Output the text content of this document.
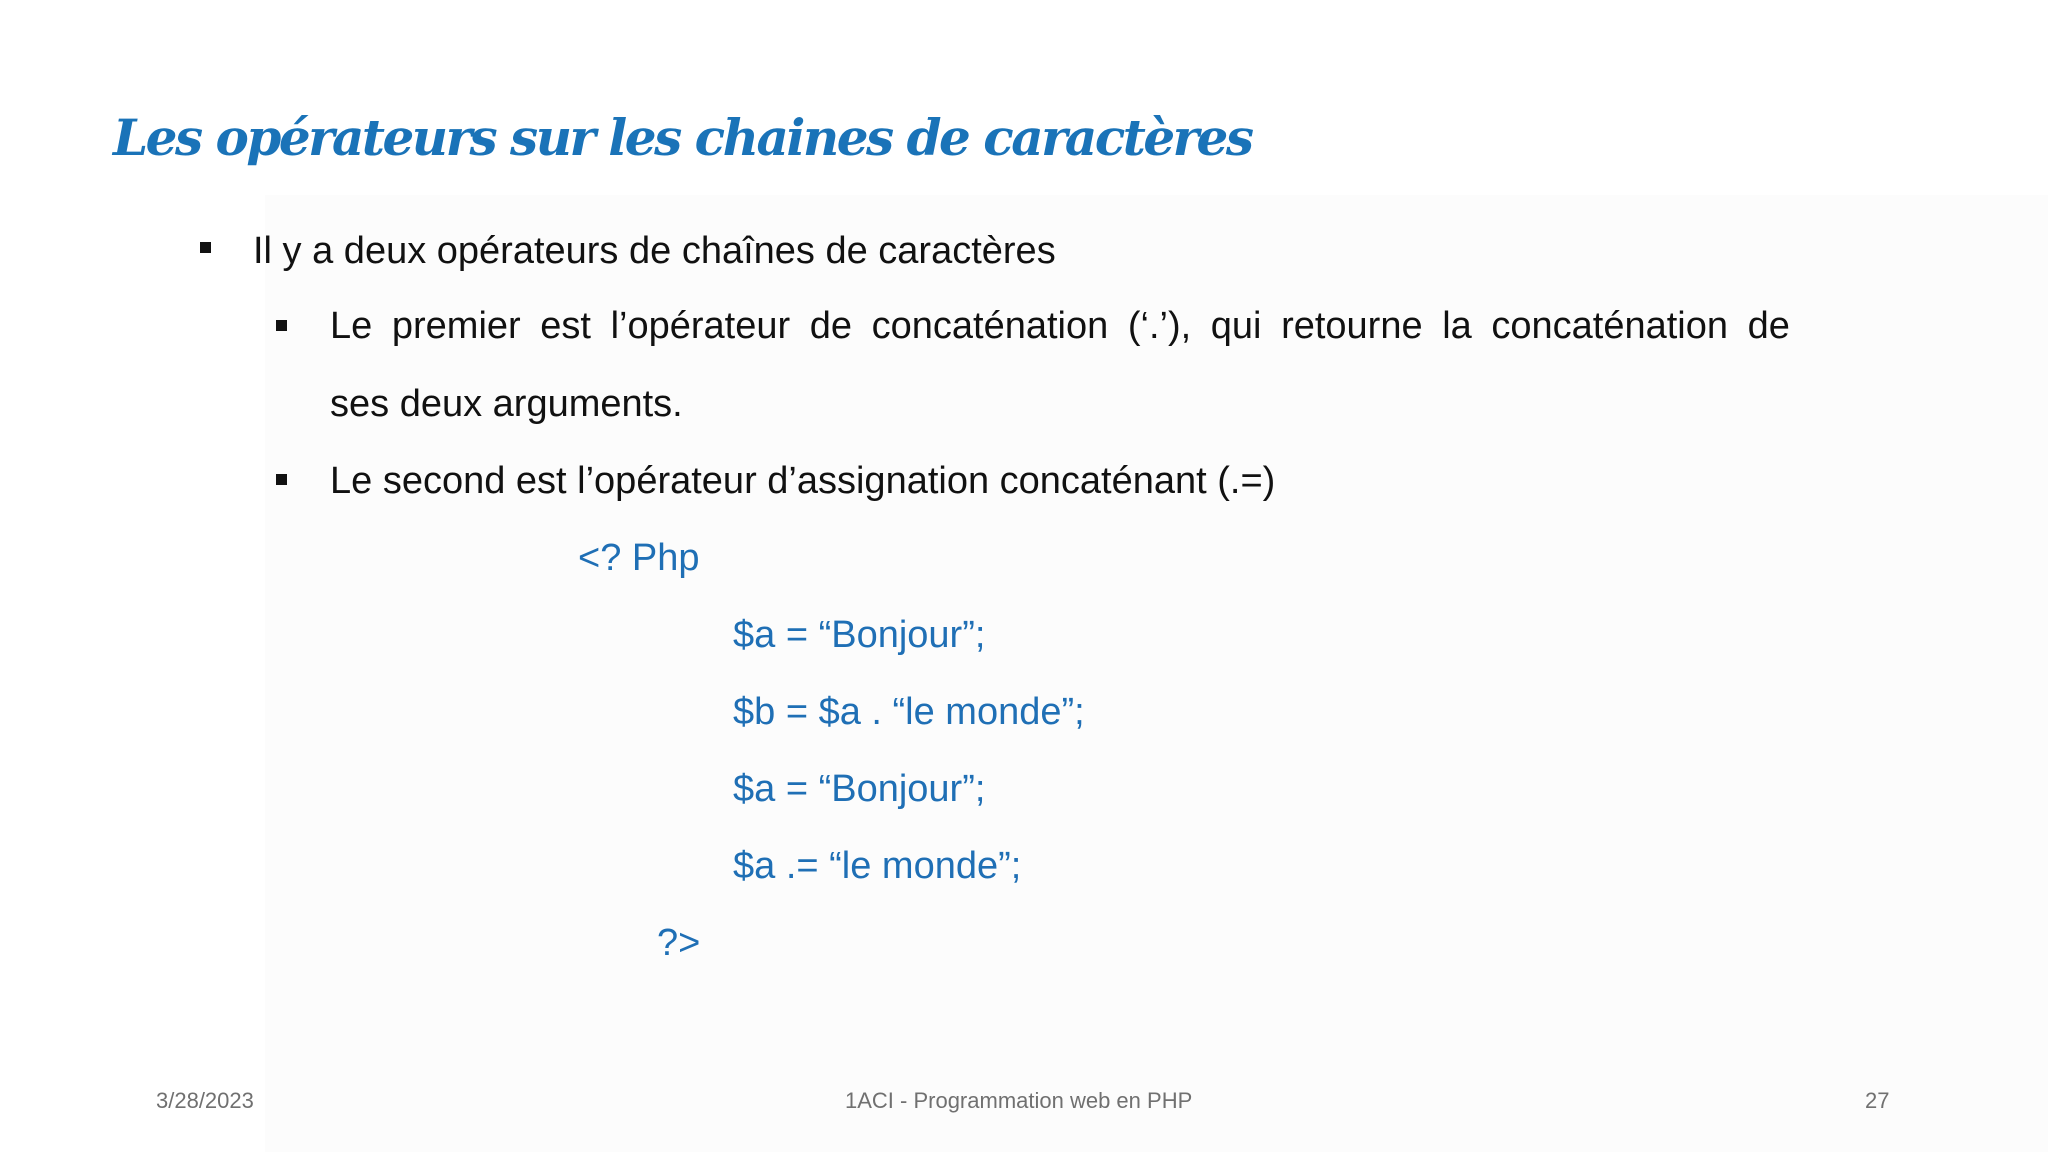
Les opérateurs sur les chaines de caractères
Il y a deux opérateurs de chaînes de caractères
Le premier est l’opérateur de concaténation (‘.’), qui retourne la concaténation de
ses deux arguments.
Le second est l’opérateur d’assignation concaténant (.=)
<? Php
$a = “Bonjour”;
$b = $a . “le monde”;
$a = “Bonjour”;
$a .= “le monde”;
?>
3/28/2023	1ACI - Programmation web en PHP	27
